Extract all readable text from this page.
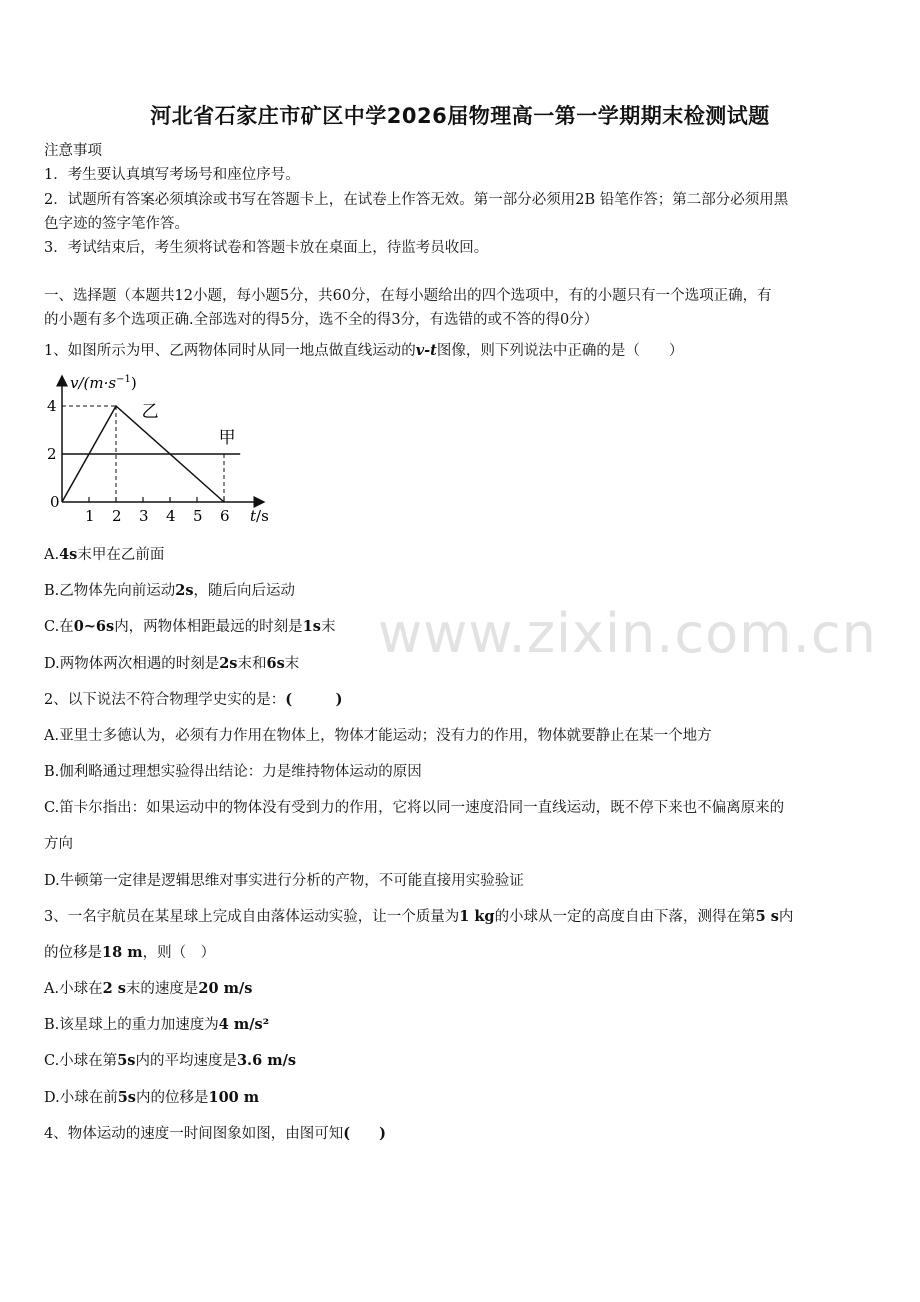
河北省石家庄市矿区中学2026届物理高一第一学期期末检测试题
注意事项
1．考生要认真填写考场号和座位序号。
2．试题所有答案必须填涂或书写在答题卡上，在试卷上作答无效。第一部分必须用2B 铅笔作答；第二部分必须用黑
色字迹的签字笔作答。
3．考试结束后，考生须将试卷和答题卡放在桌面上，待监考员收回。
一、选择题（本题共12小题，每小题5分，共60分，在每小题给出的四个选项中，有的小题只有一个选项正确，有
的小题有多个选项正确.全部选对的得5分，选不全的得3分，有选错的或不答的得0分）
1、如图所示为甲、乙两物体同时从同一地点做直线运动的v-t图像，则下列说法中正确的是（　　）
$v/(m\cdot s^{-1})$
t/s
0
1 2 3 4 5 6
2
4	乙
甲
A.4s末甲在乙前面
B.乙物体先向前运动2s，随后向后运动
C.在0~6s内，两物体相距最远的时刻是1s末
D.两物体两次相遇的时刻是2s末和6s末
2、以下说法不符合物理学史实的是：(　　　)
A.亚里士多德认为，必须有力作用在物体上，物体才能运动；没有力的作用，物体就要静止在某一个地方
B.伽利略通过理想实验得出结论：力是维持物体运动的原因
C.笛卡尔指出：如果运动中的物体没有受到力的作用，它将以同一速度沿同一直线运动，既不停下来也不偏离原来的
方向
D.牛顿第一定律是逻辑思维对事实进行分析的产物，不可能直接用实验验证
3、一名宇航员在某星球上完成自由落体运动实验，让一个质量为1 kg的小球从一定的高度自由下落，测得在第5 s内
的位移是18 m，则（　）
A.小球在2 s末的速度是20 m/s
B.该星球上的重力加速度为4 m/s²
C.小球在第5s内的平均速度是3.6 m/s
D.小球在前5s内的位移是100 m
4、物体运动的速度一时间图象如图，由图可知(　　)
www.zixin.com.cn
